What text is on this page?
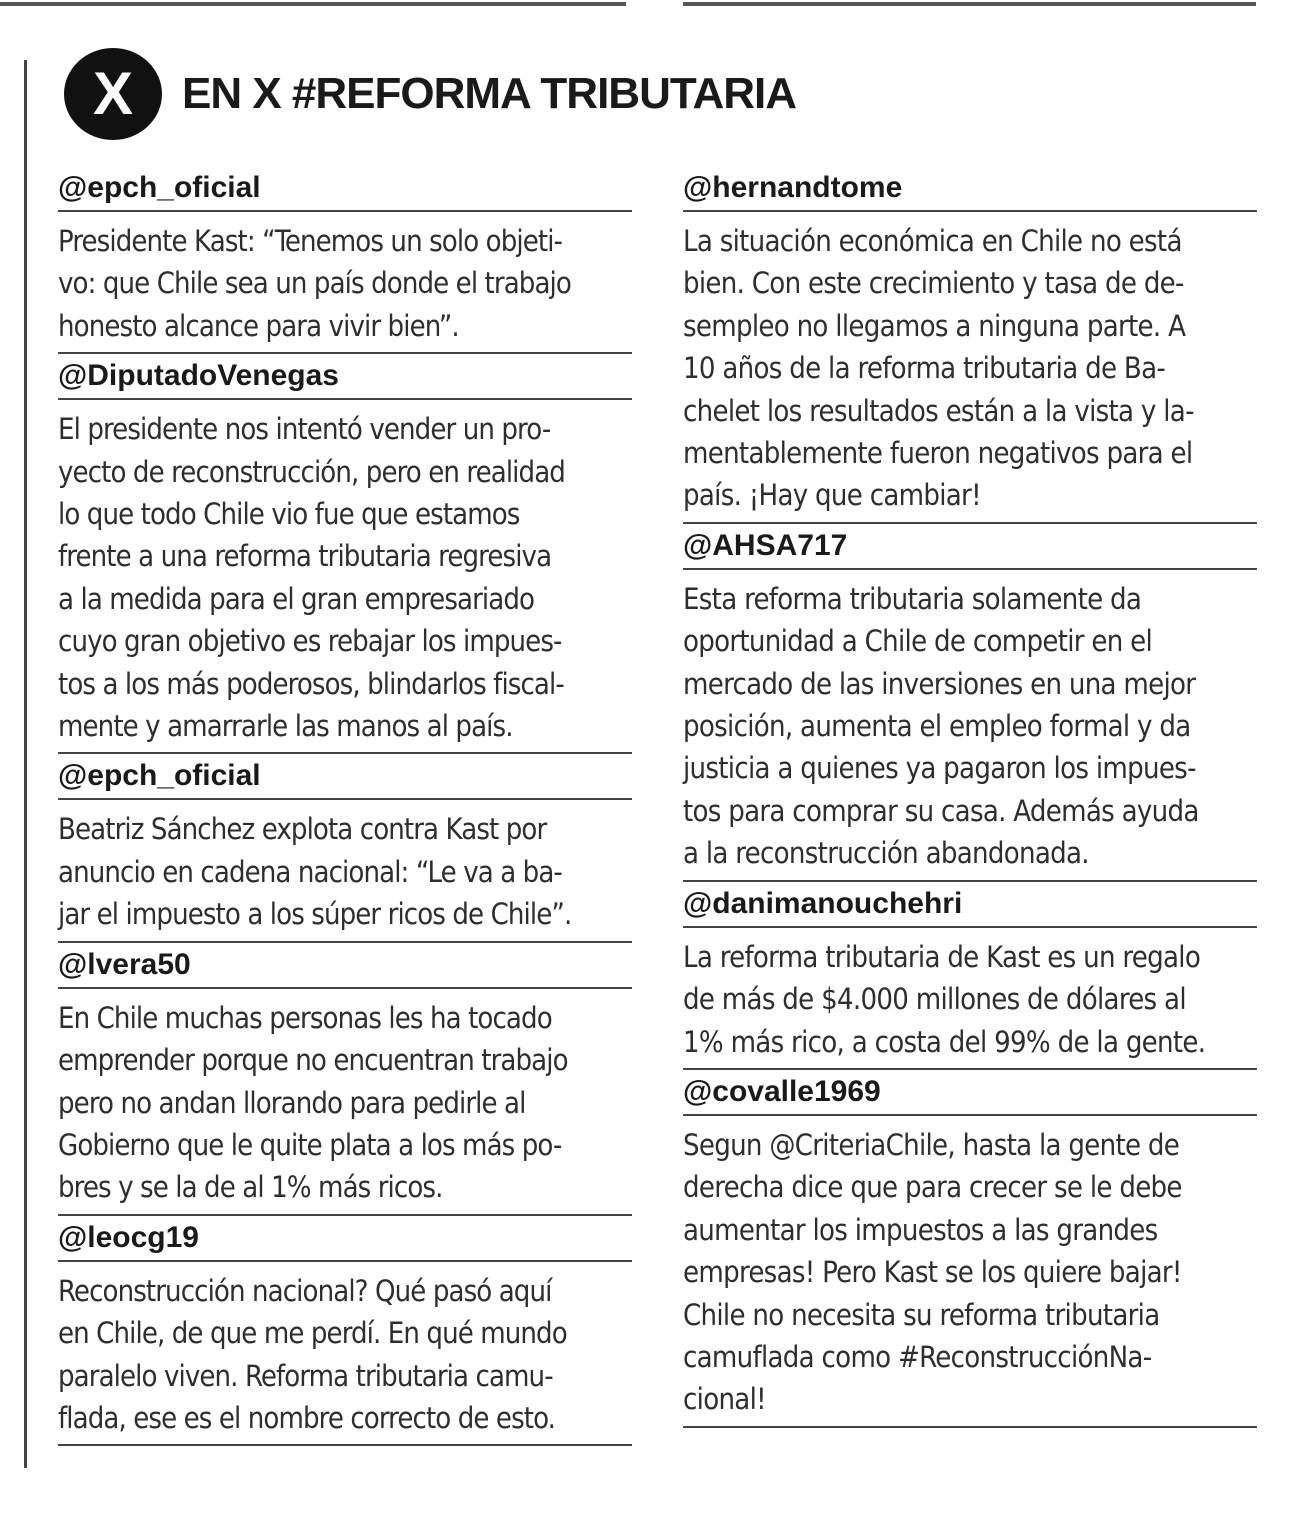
X EN X #REFORMA TRIBUTARIA
@epch_oficial
Presidente Kast: “Tenemos un solo objeti-
vo: que Chile sea un país donde el trabajo
honesto alcance para vivir bien”.
@DiputadoVenegas
El presidente nos intentó vender un pro-
yecto de reconstrucción, pero en realidad
lo que todo Chile vio fue que estamos
frente a una reforma tributaria regresiva
a la medida para el gran empresariado
cuyo gran objetivo es rebajar los impues-
tos a los más poderosos, blindarlos fiscal-
mente y amarrarle las manos al país.
@epch_oficial
Beatriz Sánchez explota contra Kast por
anuncio en cadena nacional: “Le va a ba-
jar el impuesto a los súper ricos de Chile”.
@lvera50
En Chile muchas personas les ha tocado
emprender porque no encuentran trabajo
pero no andan llorando para pedirle al
Gobierno que le quite plata a los más po-
bres y se la de al 1% más ricos.
@leocg19
Reconstrucción nacional? Qué pasó aquí
en Chile, de que me perdí. En qué mundo
paralelo viven. Reforma tributaria camu-
flada, ese es el nombre correcto de esto.
@hernandtome
La situación económica en Chile no está
bien. Con este crecimiento y tasa de de-
sempleo no llegamos a ninguna parte. A
10 años de la reforma tributaria de Ba-
chelet los resultados están a la vista y la-
mentablemente fueron negativos para el
país. ¡Hay que cambiar!
@AHSA717
Esta reforma tributaria solamente da
oportunidad a Chile de competir en el
mercado de las inversiones en una mejor
posición, aumenta el empleo formal y da
justicia a quienes ya pagaron los impues-
tos para comprar su casa. Además ayuda
a la reconstrucción abandonada.
@danimanouchehri
La reforma tributaria de Kast es un regalo
de más de $4.000 millones de dólares al
1% más rico, a costa del 99% de la gente.
@covalle1969
Segun @CriteriaChile, hasta la gente de
derecha dice que para crecer se le debe
aumentar los impuestos a las grandes
empresas! Pero Kast se los quiere bajar!
Chile no necesita su reforma tributaria
camuflada como #ReconstrucciónNa-
cional!
